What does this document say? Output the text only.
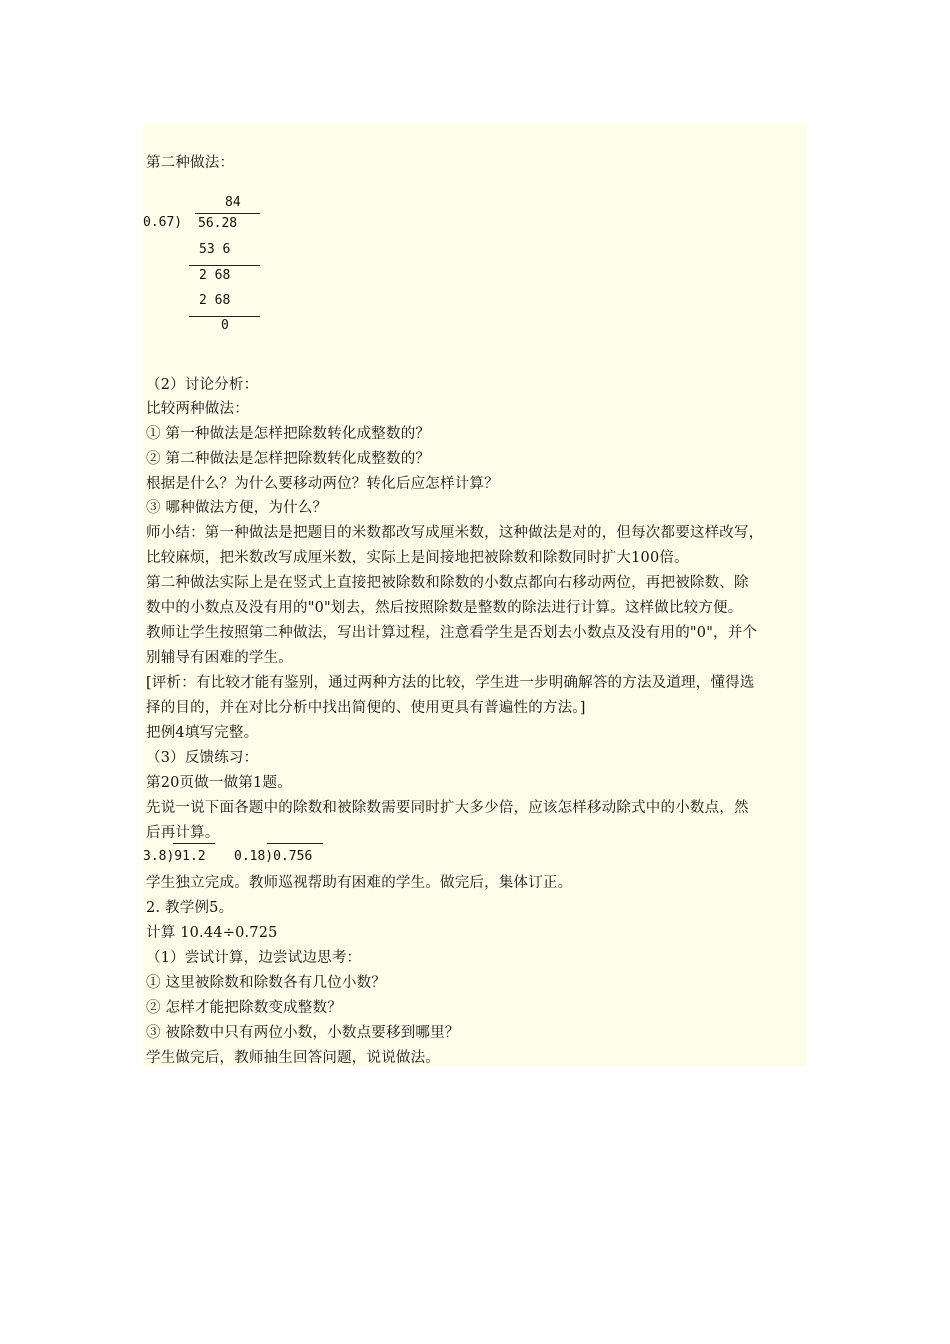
第二种做法：
84
0.67) 56.28
53 6
2 68
2 68
0
（2）讨论分析：
比较两种做法：
① 第一种做法是怎样把除数转化成整数的？
② 第二种做法是怎样把除数转化成整数的？
根据是什么？为什么要移动两位？转化后应怎样计算？
③ 哪种做法方便，为什么？
师小结：第一种做法是把题目的米数都改写成厘米数，这种做法是对的，但每次都要这样改写，
比较麻烦，把米数改写成厘米数，实际上是间接地把被除数和除数同时扩大100倍。
第二种做法实际上是在竖式上直接把被除数和除数的小数点都向右移动两位，再把被除数、除
数中的小数点及没有用的"0"划去，然后按照除数是整数的除法进行计算。这样做比较方便。
教师让学生按照第二种做法，写出计算过程，注意看学生是否划去小数点及没有用的"0"，并个
别辅导有困难的学生。
[评析：有比较才能有鉴别，通过两种方法的比较，学生进一步明确解答的方法及道理，懂得选
择的目的，并在对比分析中找出简便的、使用更具有普遍性的方法。]
把例4填写完整。
（3）反馈练习：
第20页做一做第1题。
先说一说下面各题中的除数和被除数需要同时扩大多少倍，应该怎样移动除式中的小数点，然
后再计算。
3.8)91.2 0.18)0.756
学生独立完成。教师巡视帮助有困难的学生。做完后，集体订正。
2. 教学例5。
计算 10.44÷0.725
（1）尝试计算，边尝试边思考：
① 这里被除数和除数各有几位小数？
② 怎样才能把除数变成整数？
③ 被除数中只有两位小数，小数点要移到哪里？
学生做完后，教师抽生回答问题，说说做法。
